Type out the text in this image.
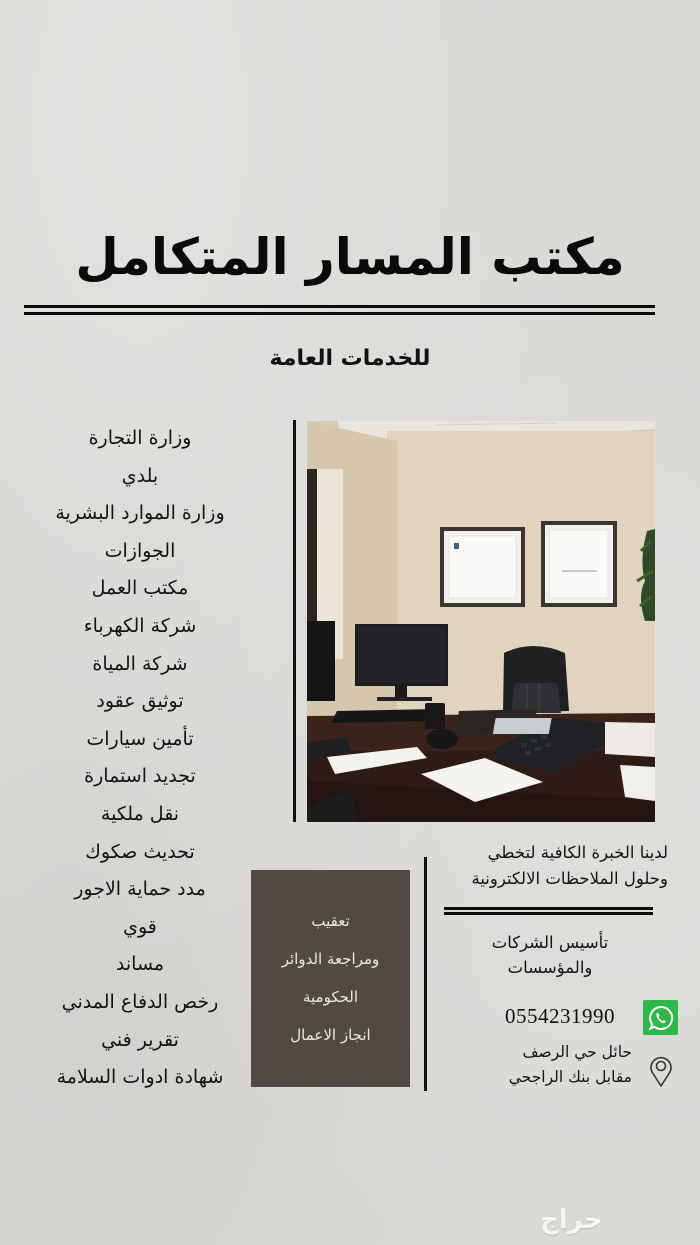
مكتب المسار المتكامل
للخدمات العامة
وزارة التجارة
بلدي
وزارة الموارد البشرية
الجوازات
مكتب العمل
شركة الكهرباء
شركة المياة
توثيق عقود
تأمين سيارات
تجديد استمارة
نقل ملكية
تحديث صكوك
مدد حماية الاجور
قوي
مساند
رخص الدفاع المدني
تقرير فني
شهادة ادوات السلامة

تعقيب

ومراجعة الدوائر

الحكومية

انجاز الاعمال

لدينا الخبرة الكافية لتخطي
وحلول الملاحظات الالكترونية
تأسيس الشركات
والمؤسسات
0554231990
حائل حي الرصف
مقابل بنك الراجحي
حراج
